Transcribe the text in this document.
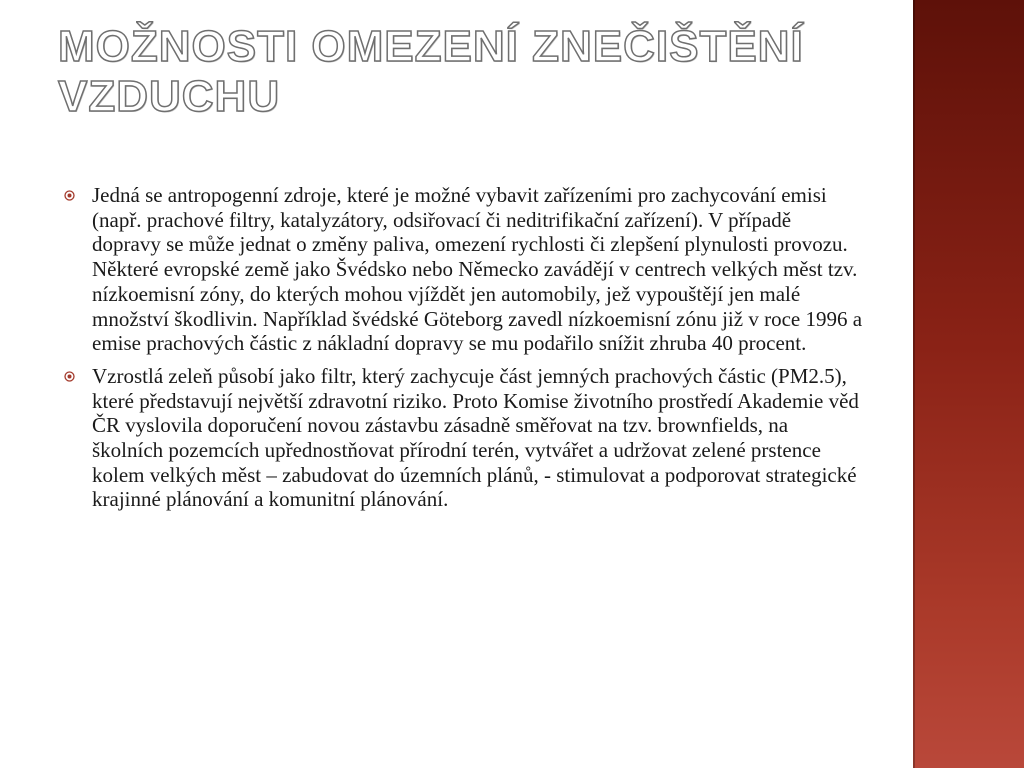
MOŽNOSTI OMEZENÍ ZNEČIŠTĚNÍ
VZDUCHU
Jedná se antropogenní zdroje, které je možné vybavit zařízeními pro zachycování emisi (např. prachové filtry, katalyzátory, odsiřovací či neditrifikační zařízení). V případě dopravy se může jednat o změny paliva, omezení rychlosti či zlepšení plynulosti provozu. Některé evropské země jako Švédsko nebo Německo zavádějí v centrech velkých měst tzv. nízkoemisní zóny, do kterých mohou vjíždět jen automobily, jež vypouštějí jen malé množství škodlivin. Například švédské Göteborg zavedl nízkoemisní zónu již v roce 1996 a emise prachových částic z nákladní dopravy se mu podařilo snížit zhruba 40 procent.
Vzrostlá zeleň působí jako filtr, který zachycuje část jemných prachových částic (PM2.5), které představují největší zdravotní riziko. Proto Komise životního prostředí Akademie věd ČR vyslovila doporučení novou zástavbu zásadně směřovat na tzv. brownfields, na školních pozemcích upřednostňovat přírodní terén, vytvářet a udržovat zelené prstence kolem velkých měst – zabudovat do územních plánů, - stimulovat a podporovat strategické krajinné plánování a komunitní plánování.
